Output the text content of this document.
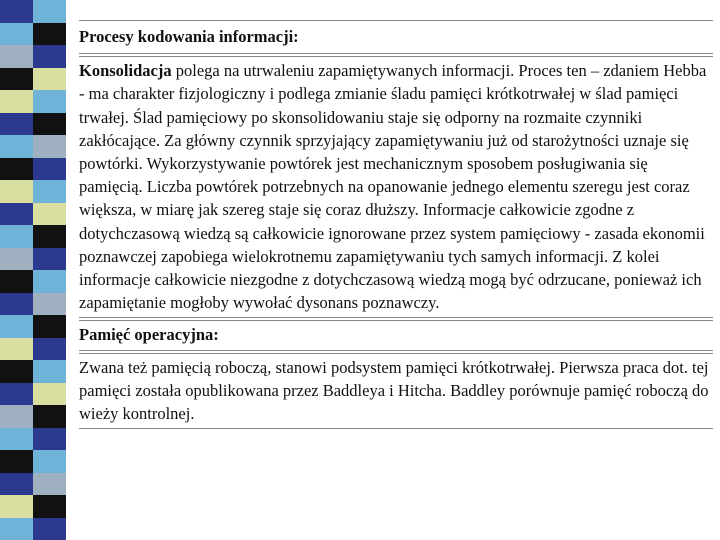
Procesy kodowania informacji:

Konsolidacja polega na utrwaleniu zapamiętywanych informacji. Proces ten – zdaniem Hebba - ma charakter fizjologiczny i podlega zmianie śladu pamięci krótkotrwałej w ślad pamięci trwałej. Ślad pamięciowy po skonsolidowaniu staje się odporny na rozmaite czynniki zakłócające. Za główny czynnik sprzyjający zapamiętywaniu już od starożytności uznaje się powtórki. Wykorzystywanie powtórek jest mechanicznym sposobem posługiwania się pamięcią. Liczba powtórek potrzebnych na opanowanie jednego elementu szeregu jest coraz większa, w miarę jak szereg staje się coraz dłuższy. Informacje całkowicie zgodne z dotychczasową wiedzą są całkowicie ignorowane przez system pamięciowy - zasada ekonomii poznawczej zapobiega wielokrotnemu zapamiętywaniu tych samych informacji. Z kolei informacje całkowicie niezgodne z dotychczasową wiedzą mogą być odrzucane, ponieważ ich zapamiętanie mogłoby wywołać dysonans poznawczy.

Pamięć operacyjna:

Zwana też pamięcią roboczą, stanowi podsystem pamięci krótkotrwałej. Pierwsza praca dot. tej pamięci została opublikowana przez Baddleya i Hitcha. Baddley porównuje pamięć roboczą do wieży kontrolnej.
